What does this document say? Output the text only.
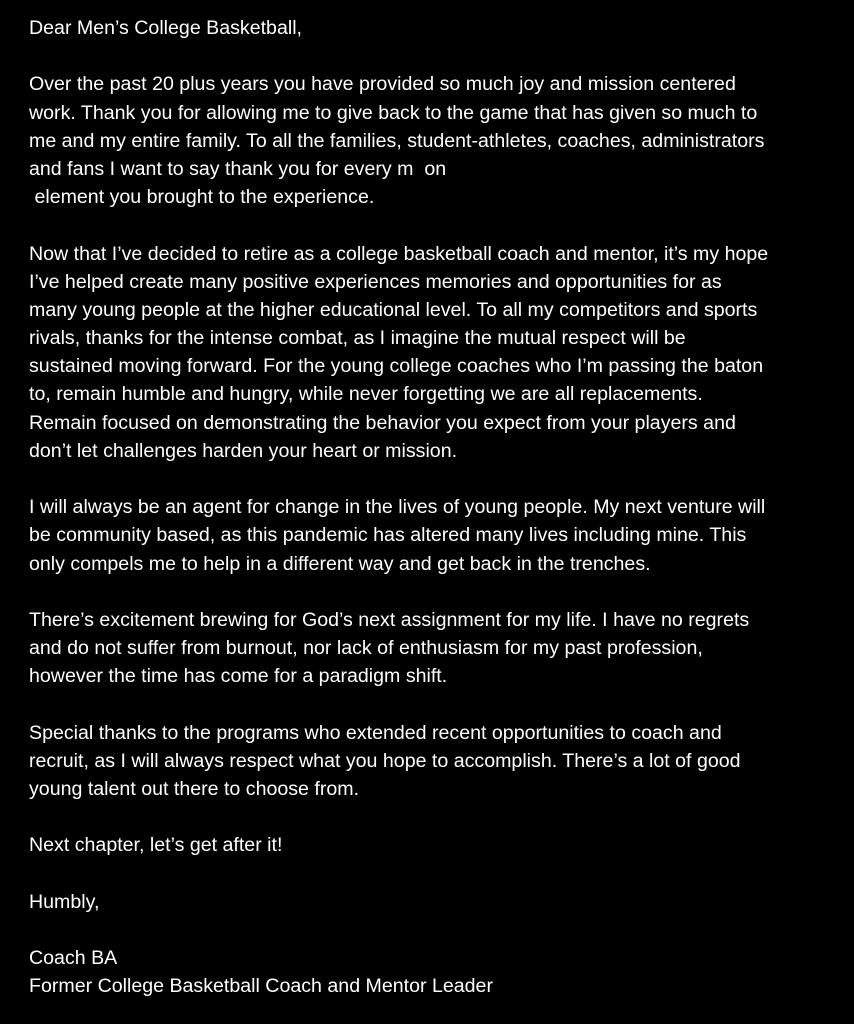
Dear Men’s College Basketball,
Over the past 20 plus years you have provided so much joy and mission centered
work. Thank you for allowing me to give back to the game that has given so much to
me and my entire family. To all the families, student-athletes, coaches, administrators
and fans I want to say thank you for every m  on
element you brought to the experience.
Now that I’ve decided to retire as a college basketball coach and mentor, it’s my hope
I’ve helped create many positive experiences memories and opportunities for as
many young people at the higher educational level. To all my competitors and sports
rivals, thanks for the intense combat, as I imagine the mutual respect will be
sustained moving forward. For the young college coaches who I’m passing the baton
to, remain humble and hungry, while never forgetting we are all replacements.
Remain focused on demonstrating the behavior you expect from your players and
don’t let challenges harden your heart or mission.
I will always be an agent for change in the lives of young people. My next venture will
be community based, as this pandemic has altered many lives including mine. This
only compels me to help in a different way and get back in the trenches.
There’s excitement brewing for God’s next assignment for my life. I have no regrets
and do not suffer from burnout, nor lack of enthusiasm for my past profession,
however the time has come for a paradigm shift.
Special thanks to the programs who extended recent opportunities to coach and
recruit, as I will always respect what you hope to accomplish. There’s a lot of good
young talent out there to choose from.
Next chapter, let’s get after it!
Humbly,
Coach BA
Former College Basketball Coach and Mentor Leader
